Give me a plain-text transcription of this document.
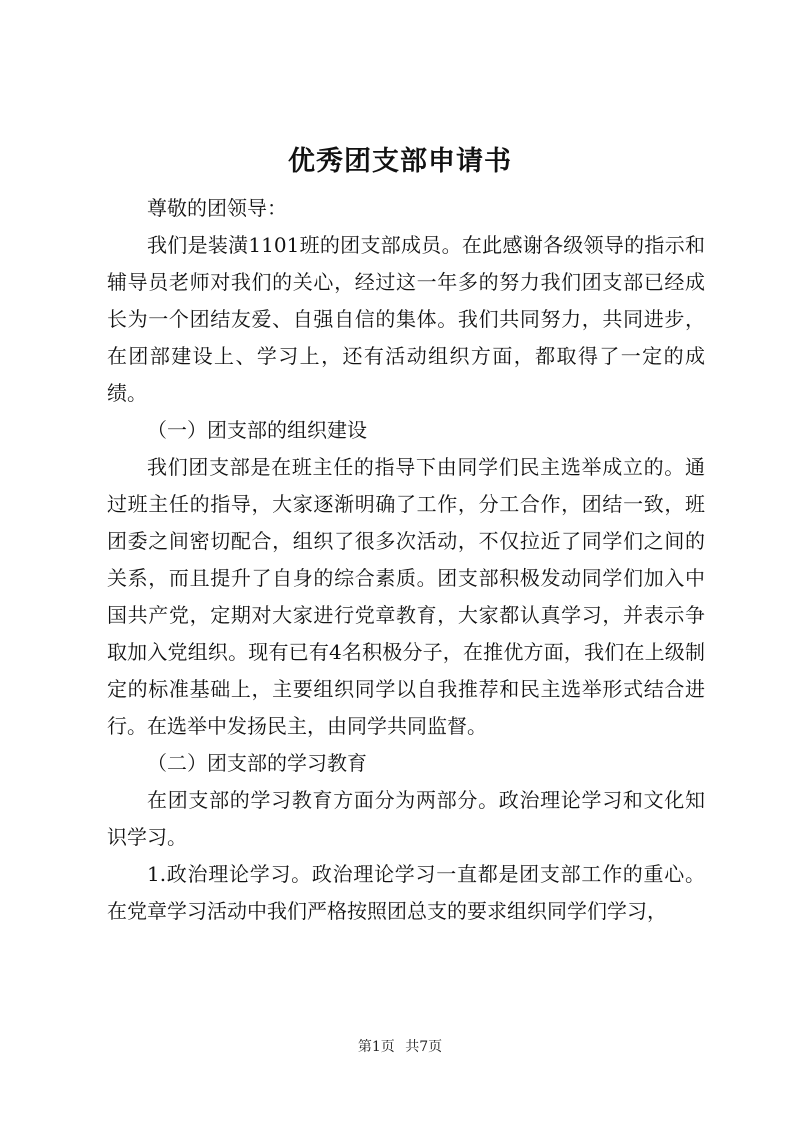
优秀团支部申请书

尊敬的团领导：

我们是装潢1101班的团支部成员。在此感谢各级领导的指示和辅导员老师对我们的关心，经过这一年多的努力我们团支部已经成长为一个团结友爱、自强自信的集体。我们共同努力，共同进步，在团部建设上、学习上，还有活动组织方面，都取得了一定的成绩。

（一）团支部的组织建设

我们团支部是在班主任的指导下由同学们民主选举成立的。通过班主任的指导，大家逐渐明确了工作，分工合作，团结一致，班团委之间密切配合，组织了很多次活动，不仅拉近了同学们之间的关系，而且提升了自身的综合素质。团支部积极发动同学们加入中国共产党，定期对大家进行党章教育，大家都认真学习，并表示争取加入党组织。现有已有4名积极分子，在推优方面，我们在上级制定的标准基础上，主要组织同学以自我推荐和民主选举形式结合进行。在选举中发扬民主，由同学共同监督。

（二）团支部的学习教育

在团支部的学习教育方面分为两部分。政治理论学习和文化知识学习。

1.政治理论学习。政治理论学习一直都是团支部工作的重心。在党章学习活动中我们严格按照团总支的要求组织同学们学习，

第1页 共7页
